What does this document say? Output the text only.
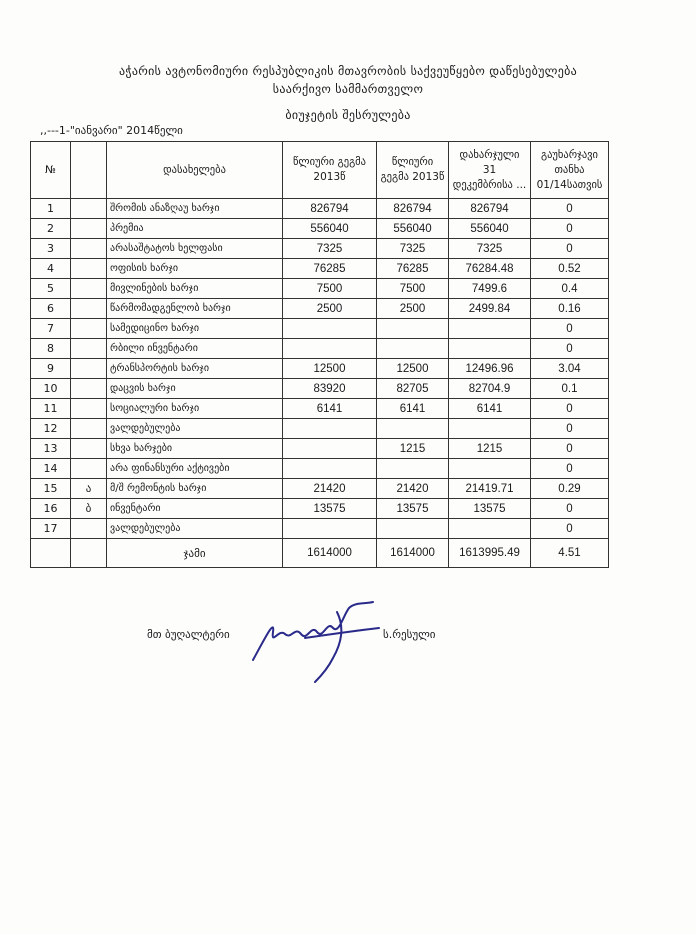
აჭარის ავტონომიური რესპუბლიკის მთავრობის საქვეუწყებო დაწესებულება
საარქივო სამმართველო
ბიუჯეტის შესრულება
,,---1-"იანვარი" 2014წელი
№		დასახელება	წლიური გეგმა 2013წ	წლიური გეგმა 2013წ	დახარჯული 31 დეკემბრისა ...	გაუხარჯავი თანხა 01/14სათვის
1		შრომის ანაზღაუ ხარჯი	826794	826794	826794	0
2		პრემია	556040	556040	556040	0
3		არასაშტატოს ხელფასი	7325	7325	7325	0
4		ოფისის ხარჯი	76285	76285	76284.48	0.52
5		მივლინების ხარჯი	7500	7500	7499.6	0.4
6		წარმომადგენლობ ხარჯი	2500	2500	2499.84	0.16
7		სამედიცინო ხარჯი				0
8		რბილი ინვენტარი				0
9		ტრანსპორტის ხარჯი	12500	12500	12496.96	3.04
10		დაცვის ხარჯი	83920	82705	82704.9	0.1
11		სოციალური ხარჯი	6141	6141	6141	0
12		ვალდებულება				0
13		სხვა ხარჯები		1215	1215	0
14		არა ფინანსური აქტივები				0
15	ა	მ/შ რემონტის ხარჯი	21420	21420	21419.71	0.29
16	ბ	ინვენტარი	13575	13575	13575	0
17		ვალდებულება				0
		ჯამი	1614000	1614000	1613995.49	4.51
მთ ბუღალტერი	ს.რესული
